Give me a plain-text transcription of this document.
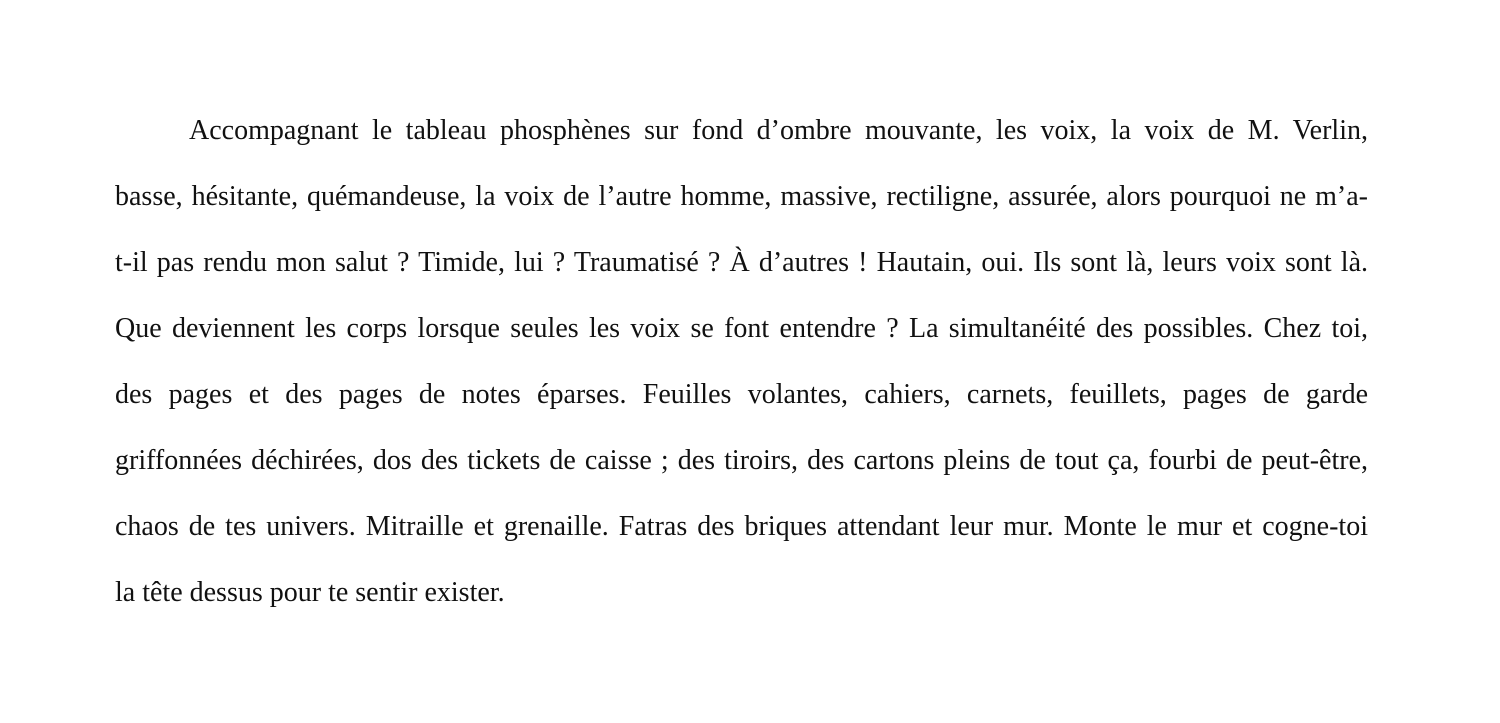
Accompagnant le tableau phosphènes sur fond d’ombre mouvante, les voix, la voix de M. Verlin,
basse, hésitante, quémandeuse, la voix de l’autre homme, massive, rectiligne, assurée, alors pourquoi ne m’a-
t-il pas rendu mon salut ? Timide, lui ? Traumatisé ? À d’autres ! Hautain, oui. Ils sont là, leurs voix sont là.
Que deviennent les corps lorsque seules les voix se font entendre ? La simultanéité des possibles. Chez toi,
des pages et des pages de notes éparses. Feuilles volantes, cahiers, carnets, feuillets, pages de garde
griffonnées déchirées, dos des tickets de caisse ; des tiroirs, des cartons pleins de tout ça, fourbi de peut-être,
chaos de tes univers. Mitraille et grenaille. Fatras des briques attendant leur mur. Monte le mur et cogne-toi
la tête dessus pour te sentir exister.
